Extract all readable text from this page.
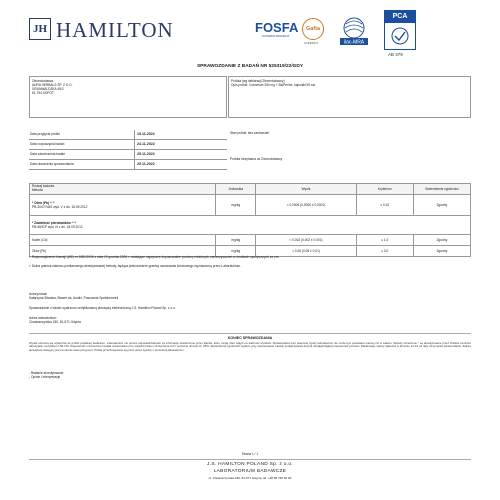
JH HAMILTON	FOSFA
SUPERINTENDENT
Gafta
SUPERINT.	ilac-MRA
PCA
AB 379
SPRAWOZDANIE Z BADAŃ NR 525319/22/GDY
Zleceniodawca
AURA HERBALS SP. Z O.O.
GRUNWALDZKA 49/2
81-754 SOPOT
Próbka (wg deklaracji Zleceniodawcy)
Opis próbki: Colostrum 350 mg + BioPerine, kapsułki 90 szt.
Data przyjęcia próbki	19.11.2022
Data rozpoczęcia badań	24.11.2022
Data zakończenia badań	25.11.2022
Data utworzenia sprawozdania	25.11.2022
Stan próbki: bez zastrzeżeń
Próbka otrzymana od Zleceniodawcy
Rodzaj badania
Metoda	Jednostka	Wynik	Kryterium	Stwierdzenie zgodności

* Ołów (Pb) ¹⁾ ²⁾
PB-30/CYVAS wyd. V z dn. 18.09.2012	mg/kg	< 0,0006 (0,0006 ± 0,0001)	≤ 0,10	Zgodny

* Zawartość pierwiastków ¹⁾ ²⁾
PB-68/ICP wyd. III z dn. 18.09.2012				

Kadm (Cd)	mg/kg	< 0,002 (0,002 ± 0,001)	≤ 1,0	Zgodny
Ołów (Pb)	mg/kg	< 0,06 (0,05 ± 0,01)	≤ 3,0	Zgodny
¹⁾ Rozporządzenie Komisji (WE) nr 1881/2006 z dnia 19 grudnia 2006 r. ustalające najwyższe dopuszczalne poziomy niektórych zanieczyszczeń w środkach spożywczych ze zm.
²⁾ Dolna granica zakresu pomiarowego akredytowanej metody, będąca jednocześnie granicą oznaczania ilościowego wyznaczoną przez Laboratorium.
Autoryzował:
Katarzyna Sitarska, Bissert ds. Analiz, Pracownia Spektrometrii
Sprawozdanie z badań opatrzono certyfikowaną pieczęcią elektroniczną J.S. Hamilton Poland Sp. z o.o.
Adres laboratorium:
Chwaszczyńska 180, 81-571 Gdynia
KONIEC SPRAWOZDANIA
Wyniki odnoszą się wyłącznie do próbki poddanej badaniom. Laboratorium nie ponosi odpowiedzialności za informacje dostarczone przez klienta, które mogą mieć wpływ na ważność wyników. Sprawozdanie bez pisemnej zgody laboratorium nie może być powielane inaczej niż w całości. Metody oznaczone * są akredytowane przez Polskie Centrum Akredytacji, certyfikat nr AB 379. Niepewność rozszerzona została oszacowana przy współczynniku rozszerzenia k=2 i poziomie ufności ok. 95%. Stwierdzenie zgodności wydano przy zastosowaniu zasady podejmowania decyzji uwzględniającej niepewność pomiaru. Reklamacje należy zgłaszać w terminie 14 dni od daty otrzymania sprawozdania. Zakres akredytacji dostępny jest na stronie www.pca.gov.pl. Próbki przechowywane są przez okres zgodny z procedurą laboratorium.
- Badanie akredytowane
- Opinie i interpretacje
Strona 1 / 1
J.S. HAMILTON POLAND Sp. z o.o.
LABORATORIUM BADAWCZE
ul. Chwaszczyńska 180, 81-571 Gdynia, tel. +48 58 769 66 00
